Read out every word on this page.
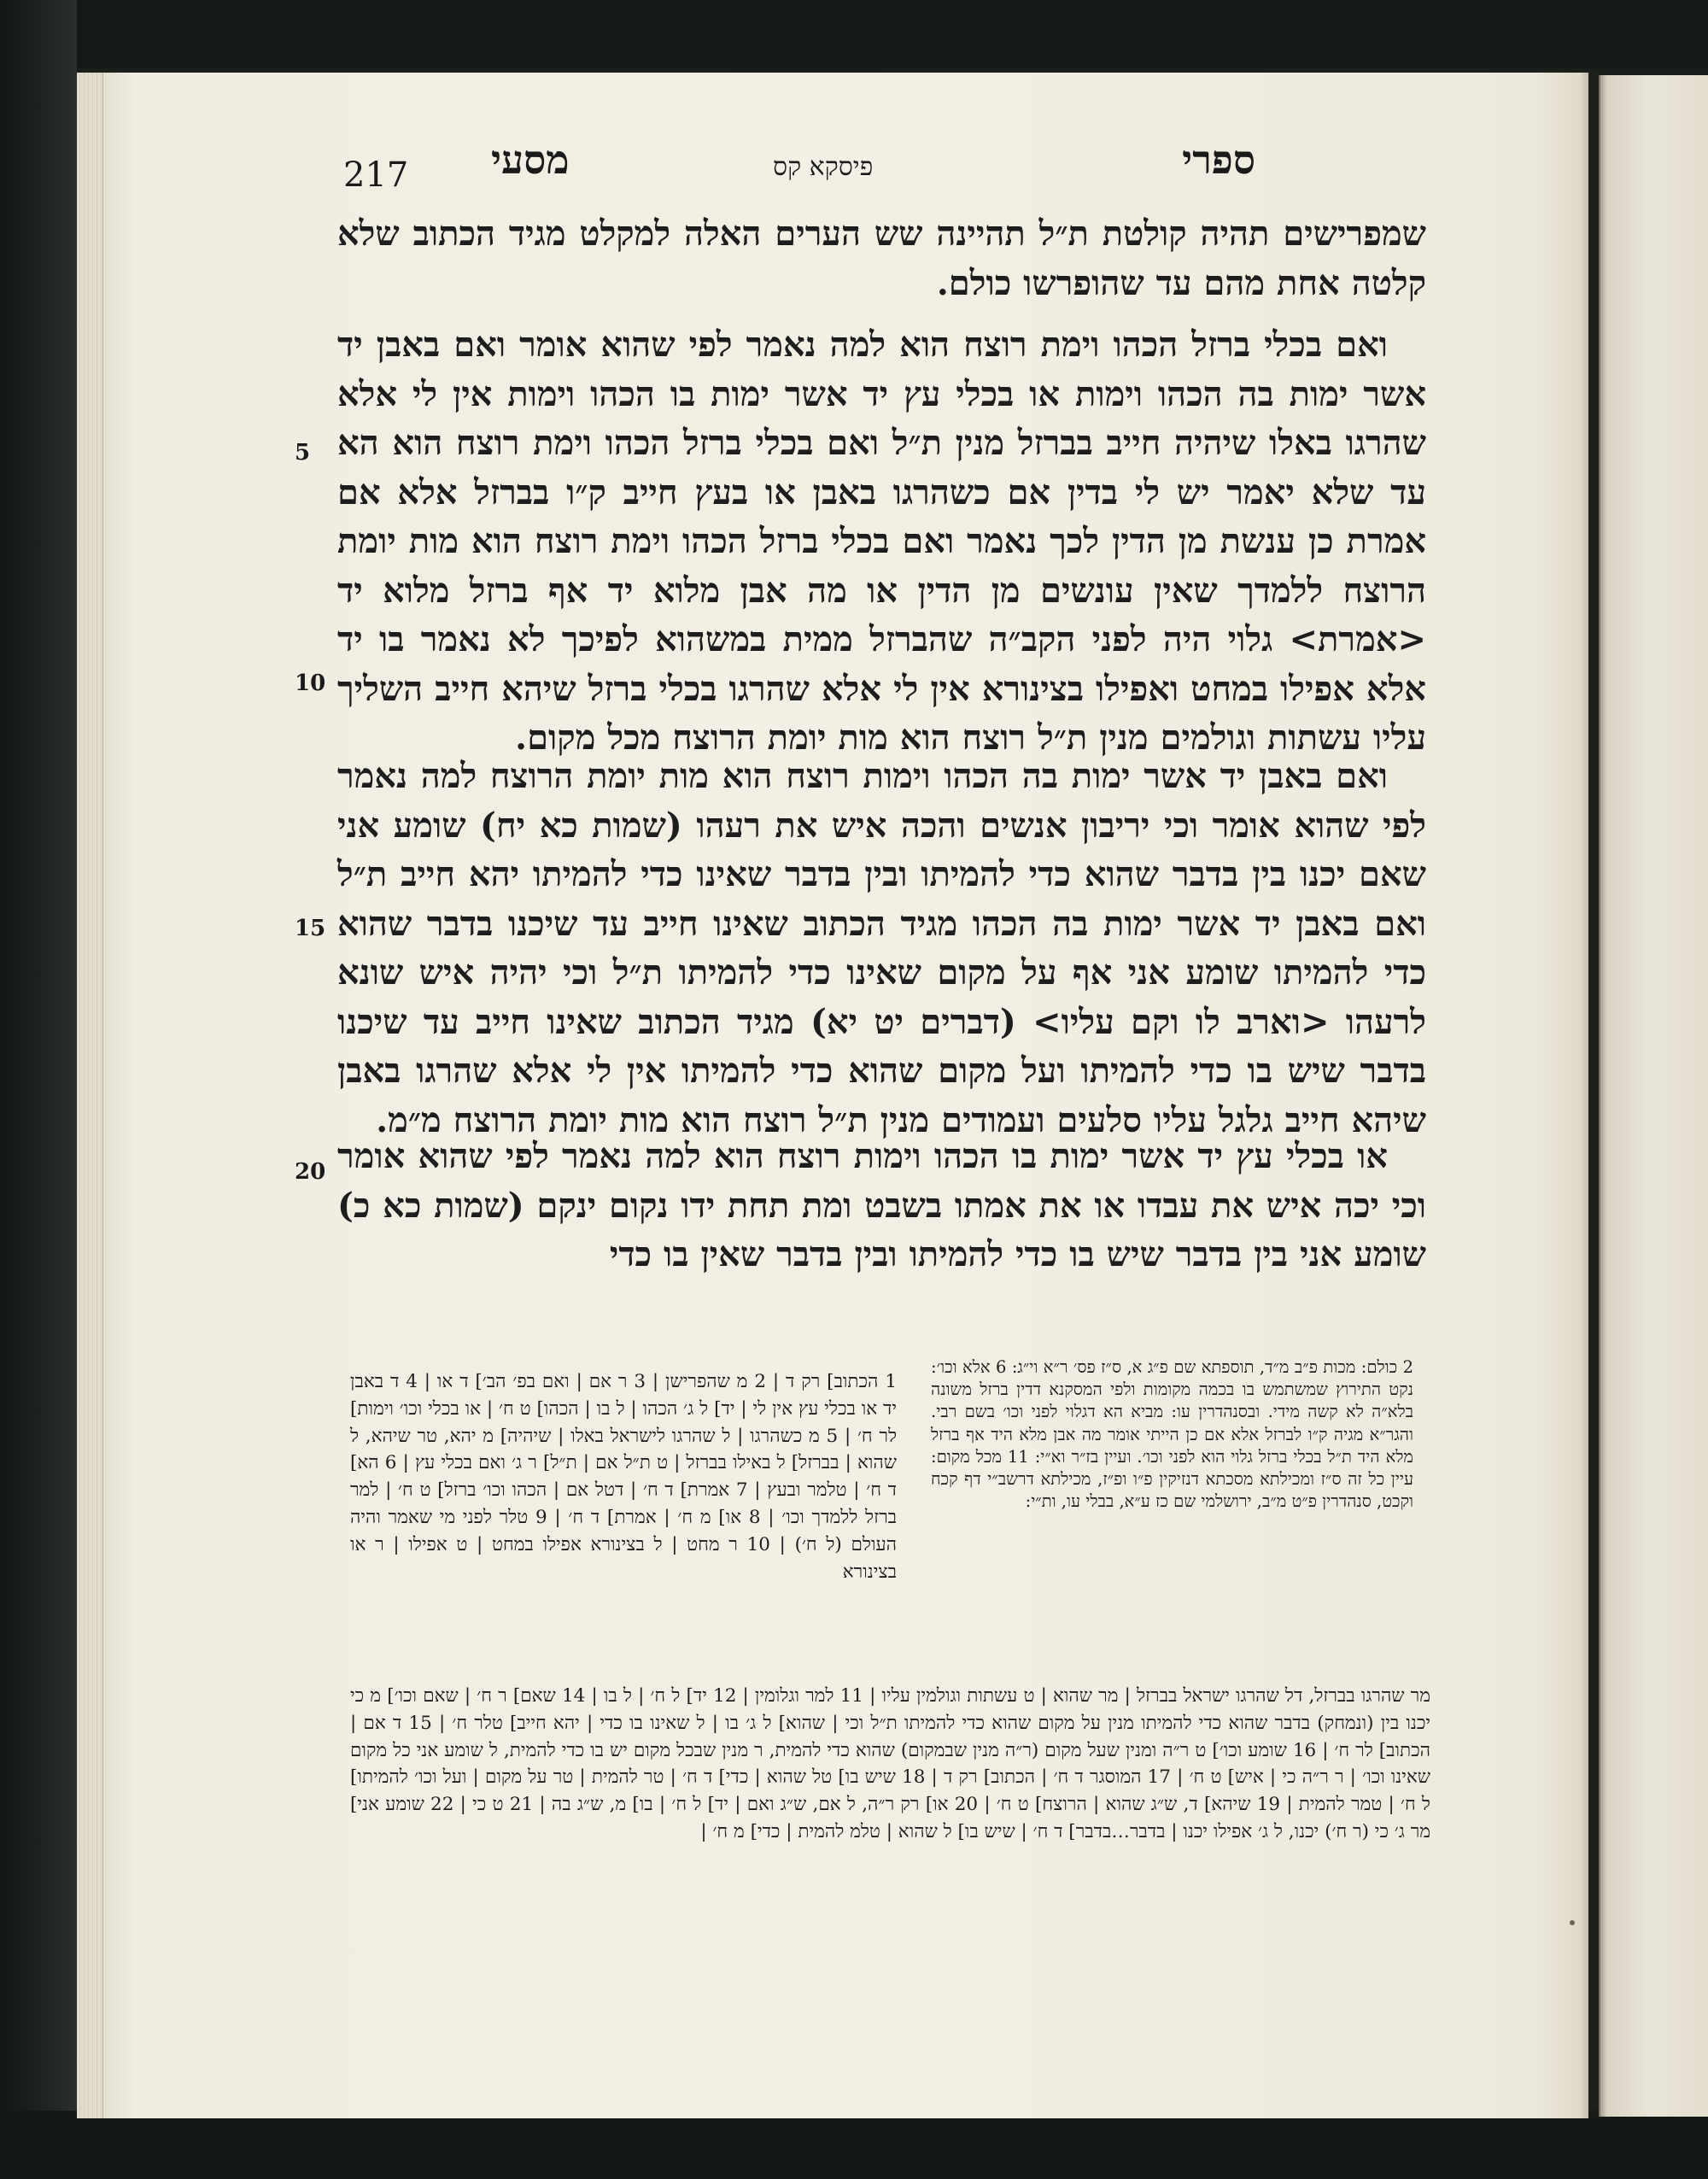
ספרי
פיסקא קס
מסעי
217

שמפרישים תהיה קולטת ת״ל תהיינה שש הערים האלה למקלט מגיד הכתוב שלא קלטה אחת מהם עד שהופרשו כולם.

ואם בכלי ברזל הכהו וימת רוצח הוא למה נאמר לפי שהוא אומר ואם באבן יד אשר ימות בה הכהו וימות או בכלי עץ יד אשר ימות בו הכהו וימות אין לי אלא שהרגו באלו שיהיה חייב בברזל מנין ת״ל ואם בכלי ברזל הכהו וימת רוצח הוא הא עד שלא יאמר יש לי בדין אם כשהרגו באבן או בעץ חייב ק״ו בברזל אלא אם אמרת כן ענשת מן הדין לכך נאמר ואם בכלי ברזל הכהו וימת רוצח הוא מות יומת הרוצח ללמדך שאין עונשים מן הדין או מה אבן מלוא יד אף ברזל מלוא יד <אמרת> גלוי היה לפני הקב״ה שהברזל ממית במשהוא לפיכך לא נאמר בו יד אלא אפילו במחט ואפילו בצינורא אין לי אלא שהרגו בכלי ברזל שיהא חייב השליך עליו עשתות וגולמים מנין ת״ל רוצח הוא מות יומת הרוצח מכל מקום.

ואם באבן יד אשר ימות בה הכהו וימות רוצח הוא מות יומת הרוצח למה נאמר לפי שהוא אומר וכי יריבון אנשים והכה איש את רעהו (שמות כא יח) שומע אני שאם יכנו בין בדבר שהוא כדי להמיתו ובין בדבר שאינו כדי להמיתו יהא חייב ת״ל ואם באבן יד אשר ימות בה הכהו מגיד הכתוב שאינו חייב עד שיכנו בדבר שהוא כדי להמיתו שומע אני אף על מקום שאינו כדי להמיתו ת״ל וכי יהיה איש שונא לרעהו <וארב לו וקם עליו> (דברים יט יא) מגיד הכתוב שאינו חייב עד שיכנו בדבר שיש בו כדי להמיתו ועל מקום שהוא כדי להמיתו אין לי אלא שהרגו באבן שיהא חייב גלגל עליו סלעים ועמודים מנין ת״ל רוצח הוא מות יומת הרוצח מ״מ.

או בכלי עץ יד אשר ימות בו הכהו וימות רוצח הוא למה נאמר לפי שהוא אומר וכי יכה איש את עבדו או את אמתו בשבט ומת תחת ידו נקום ינקם (שמות כא כ) שומע אני בין בדבר שיש בו כדי להמיתו ובין בדבר שאין בו כדי

5
10
15
20

1 הכתוב] רק ד | 2 מ שהפרישן | 3 ר אם | ואם בפ׳ הב׳] ד או | 4 ד באבן יד או בכלי עץ אין לי | יד] ל ג׳ הכהו | ל בו | הכהו] ט ח׳ | או בכלי וכו׳ וימות] לר ח׳ | 5 מ כשהרגו | ל שהרגו לישראל באלו | שיהיה] מ יהא, טר שיהא, ל שהוא | בברזל] ל באילו בברזל | ט ת״ל אם | ת״ל] ר ג׳ ואם בכלי עץ | 6 הא] ד ח׳ | טלמר ובעץ | 7 אמרת] ד ח׳ | דטל אם | הכהו וכו׳ ברזל] ט ח׳ | למר ברזל ללמדך וכו׳ | 8 או] מ ח׳ | אמרת] ד ח׳ | 9 טלר לפני מי שאמר והיה העולם (ל ח׳) | 10 ר מחט | ל בצינורא אפילו במחט | ט אפילו | ר או בצינורא

2 כולם: מכות פ״ב מ״ד, תוספתא שם פ״ג א, ס״ז פס׳ ר״א וי״ג: 6 אלא וכו׳: נקט התירוץ שמשתמש בו בכמה מקומות ולפי המסקנא דדין ברזל משונה בלא״ה לא קשה מידי. ובסנהדרין עו: מביא הא דגלוי לפני וכו׳ בשם רבי. והגר״א מגיה ק״ו לברזל אלא אם כן הייתי אומר מה אבן מלא היד אף ברזל מלא היד ת״ל בכלי ברזל גלוי הוא לפני וכו׳. ועיין בז״ר וא״י: 11 מכל מקום: עיין כל זה ס״ז ומכילתא מסכתא דנזיקין פ״ו ופ״ז, מכילתא דרשב״י דף קכח וקכט, סנהדרין פ״ט מ״ב, ירושלמי שם כז ע״א, בבלי עו, ות״י:

מר שהרגו בברזל, דל שהרגו ישראל בברזל | מר שהוא | ט עשתות וגולמין עליו | 11 למר וגלומין | 12 יד] ל ח׳ | ל בו | 14 שאם] ר ח׳ | שאם וכו׳] מ כי יכנו בין (ונמחק) בדבר שהוא כדי להמיתו מנין על מקום שהוא כדי להמיתו ת״ל וכי | שהוא] ל ג׳ בו | ל שאינו בו כדי | יהא חייב] טלר ח׳ | 15 ד אם | הכתוב] לר ח׳ | 16 שומע וכו׳] ט ר״ה ומנין שעל מקום (ר״ה מנין שבמקום) שהוא כדי להמית, ר מנין שבכל מקום יש בו כדי להמית, ל שומע אני כל מקום שאינו וכו׳ | ר ר״ה כי | איש] ט ח׳ | 17 המוסגר ד ח׳ | הכתוב] רק ד | 18 שיש בו] טל שהוא | כדי] ד ח׳ | טר להמית | טר על מקום | ועל וכו׳ להמיתו] ל ח׳ | טמר להמית | 19 שיהא] ד, ש״ג שהוא | הרוצח] ט ח׳ | 20 או] רק ר״ה, ל אם, ש״ג ואם | יד] ל ח׳ | בו] מ, ש״ג בה | 21 ט כי | 22 שומע אני] מר ג׳ כי (ר ח׳) יכנו, ל ג׳ אפילו יכנו | בדבר…בדבר] ד ח׳ | שיש בו] ל שהוא | טלמ להמית | כדי] מ ח׳ |
